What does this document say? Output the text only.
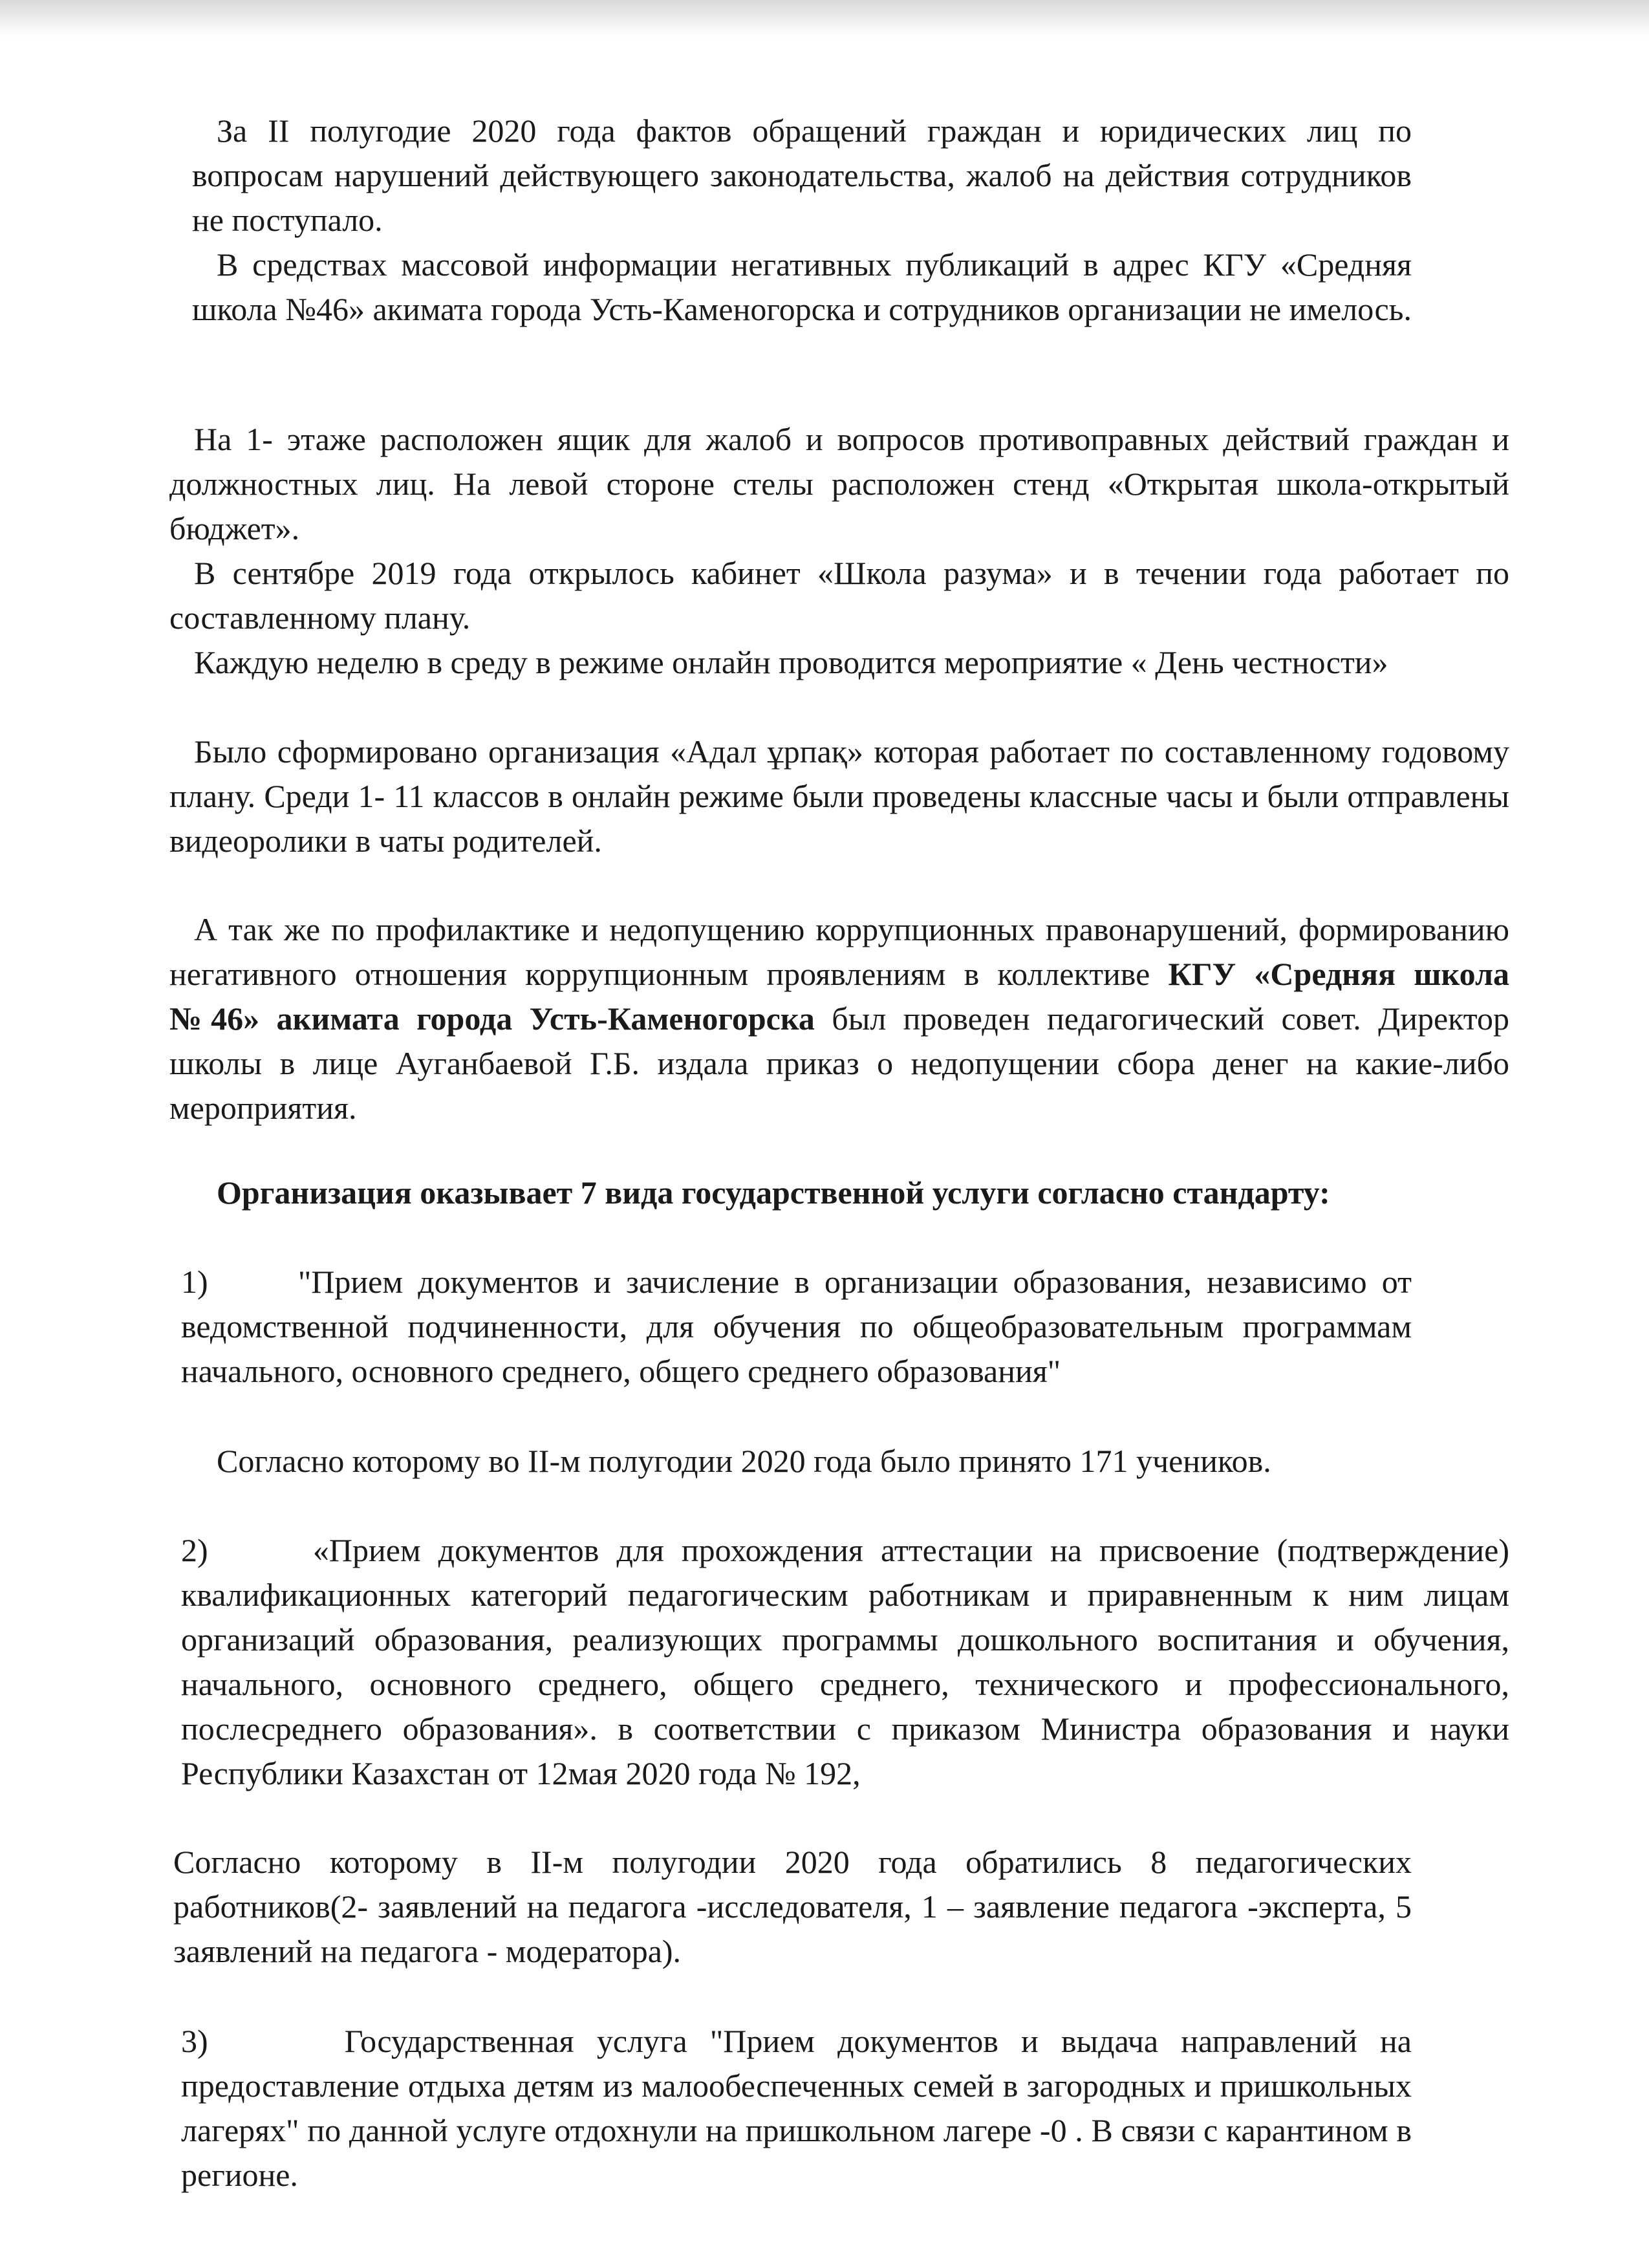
За II полугодие 2020 года фактов обращений граждан и юридических лиц по вопросам нарушений действующего законодательства, жалоб на действия сотрудников не поступало.

В средствах массовой информации негативных публикаций в адрес КГУ «Средняя школа №46» акимата города Усть-Каменогорска и сотрудников организации не имелось.

На 1- этаже расположен ящик для жалоб и вопросов противоправных действий граждан и должностных лиц. На левой стороне стелы расположен стенд «Открытая школа-открытый бюджет».

В сентябре 2019 года открылось кабинет «Школа разума» и в течении года работает по составленному плану.

Каждую неделю в среду в режиме онлайн проводится мероприятие « День честности»

Было сформировано организация «Адал ұрпақ» которая работает по составленному годовому плану. Среди 1- 11 классов в онлайн режиме были проведены классные часы и были отправлены видеоролики в чаты родителей.

А так же по профилактике и недопущению коррупционных правонарушений, формированию негативного отношения коррупционным проявлениям в коллективе КГУ «Средняя школа №46» акимата города Усть-Каменогорска был проведен педагогический совет. Директор школы в лице Ауганбаевой Г.Б. издала приказ о недопущении сбора денег на какие-либо мероприятия.

Организация оказывает 7 вида государственной услуги согласно стандарту:

1)      "Прием документов и зачисление в организации образования, независимо от ведомственной подчиненности, для обучения по общеобразовательным программам начального, основного среднего, общего среднего образования"

Согласно которому во II-м полугодии 2020 года было принято 171 учеников.

2)      «Прием документов для прохождения аттестации на присвоение (подтверждение) квалификационных категорий педагогическим работникам и приравненным к ним лицам организаций образования, реализующих программы дошкольного воспитания и обучения, начального, основного среднего, общего среднего, технического и профессионального, послесреднего образования». в соответствии с приказом Министра образования и науки Республики Казахстан от 12мая 2020 года № 192,

Согласно которому в II-м полугодии 2020 года обратились 8 педагогических работников(2- заявлений на педагога -исследователя, 1 – заявление педагога -эксперта, 5 заявлений на педагога - модератора).

3)      Государственная услуга "Прием документов и выдача направлений на предоставление отдыха детям из малообеспеченных семей в загородных и пришкольных лагерях" по данной услуге отдохнули на пришкольном лагере -0 . В связи с карантином в регионе.
